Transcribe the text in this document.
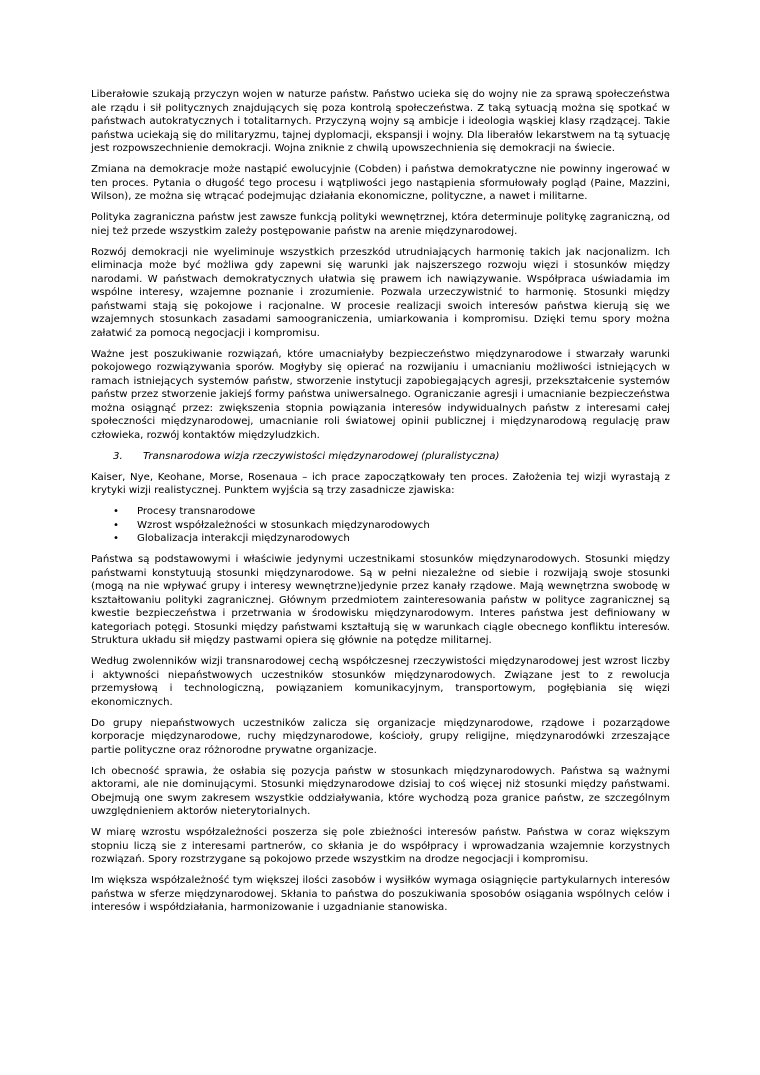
Liberałowie szukają przyczyn wojen w naturze państw. Państwo ucieka się do wojny nie za sprawą społeczeństwa ale rządu i sił politycznych znajdujących się poza kontrolą społeczeństwa. Z taką sytuacją można się spotkać w państwach autokratycznych i totalitarnych. Przyczyną wojny są ambicje i ideologia wąskiej klasy rządzącej. Takie państwa uciekają się do militaryzmu, tajnej dyplomacji, ekspansji i wojny. Dla liberałów lekarstwem na tą sytuację jest rozpowszechnienie demokracji. Wojna zniknie z chwilą upowszechnienia się demokracji na świecie.

Zmiana na demokracje może nastąpić ewolucyjnie (Cobden) i państwa demokratyczne nie powinny ingerować w ten proces. Pytania o długość tego procesu i wątpliwości jego nastąpienia sformułowały pogląd (Paine, Mazzini, Wilson), ze można się wtrącać podejmując działania ekonomiczne, polityczne, a nawet i militarne.

Polityka zagraniczna państw jest zawsze funkcją polityki wewnętrznej, która determinuje politykę zagraniczną, od niej też przede wszystkim zależy postępowanie państw na arenie międzynarodowej.

Rozwój demokracji nie wyeliminuje wszystkich przeszkód utrudniających harmonię takich jak nacjonalizm. Ich eliminacja może być możliwa gdy zapewni się warunki jak najszerszego rozwoju więzi i stosunków między narodami. W państwach demokratycznych ułatwia się prawem ich nawiązywanie. Współpraca uświadamia im wspólne interesy, wzajemne poznanie i zrozumienie. Pozwala urzeczywistnić to harmonię. Stosunki między państwami stają się pokojowe i racjonalne. W procesie realizacji swoich interesów państwa kierują się we wzajemnych stosunkach zasadami samoograniczenia, umiarkowania i kompromisu. Dzięki temu spory można załatwić za pomocą negocjacji i kompromisu.

Ważne jest poszukiwanie rozwiązań, które umacniałyby bezpieczeństwo międzynarodowe i stwarzały warunki pokojowego rozwiązywania sporów. Mogłyby się opierać na rozwijaniu i umacnianiu możliwości istniejących w ramach istniejących systemów państw, stworzenie instytucji zapobiegających agresji, przekształcenie systemów państw przez stworzenie jakiejś formy państwa uniwersalnego. Ograniczanie agresji i umacnianie bezpieczeństwa można osiągnąć przez: zwiększenia stopnia powiązania interesów indywidualnych państw z interesami całej społeczności międzynarodowej, umacnianie roli światowej opinii publicznej i międzynarodową regulację praw człowieka, rozwój kontaktów międzyludzkich.

3.	Transnarodowa wizja rzeczywistości międzynarodowej (pluralistyczna)

Kaiser, Nye, Keohane, Morse, Rosenaua – ich prace zapoczątkowały ten proces. Założenia tej wizji wyrastają z krytyki wizji realistycznej. Punktem wyjścia są trzy zasadnicze zjawiska:

•	Procesy transnarodowe
•	Wzrost współzależności w stosunkach międzynarodowych
•	Globalizacja interakcji międzynarodowych

Państwa są podstawowymi i właściwie jedynymi uczestnikami stosunków międzynarodowych. Stosunki między państwami konstytuują stosunki międzynarodowe. Są w pełni niezależne od siebie i rozwijają swoje stosunki (mogą na nie wpływać grupy i interesy wewnętrzne)jedynie przez kanały rządowe. Mają wewnętrzna swobodę w kształtowaniu polityki zagranicznej. Głównym przedmiotem zainteresowania państw w polityce zagranicznej są kwestie bezpieczeństwa i przetrwania w środowisku międzynarodowym. Interes państwa jest definiowany w kategoriach potęgi. Stosunki między państwami kształtują się w warunkach ciągle obecnego konfliktu interesów. Struktura układu sił między pastwami opiera się głównie na potędze militarnej.

Według zwolenników wizji transnarodowej cechą współczesnej rzeczywistości międzynarodowej jest wzrost liczby i aktywności niepaństwowych uczestników stosunków międzynarodowych. Związane jest to z rewolucja przemysłową i technologiczną, powiązaniem komunikacyjnym, transportowym, pogłębiania się więzi ekonomicznych.

Do grupy niepaństwowych uczestników zalicza się organizacje międzynarodowe, rządowe i pozarządowe korporacje międzynarodowe, ruchy międzynarodowe, kościoły, grupy religijne, międzynarodówki zrzeszające partie polityczne oraz różnorodne prywatne organizacje.

Ich obecność sprawia, że osłabia się pozycja państw w stosunkach międzynarodowych. Państwa są ważnymi aktorami, ale nie dominującymi. Stosunki międzynarodowe dzisiaj to coś więcej niż stosunki między państwami. Obejmują one swym zakresem wszystkie oddziaływania, które wychodzą poza granice państw, ze szczególnym uwzględnieniem aktorów nieterytorialnych.

W miarę wzrostu współzależności poszerza się pole zbieżności interesów państw. Państwa w coraz większym stopniu liczą sie z interesami partnerów, co skłania je do współpracy i wprowadzania wzajemnie korzystnych rozwiązań. Spory rozstrzygane są pokojowo przede wszystkim na drodze negocjacji i kompromisu.

Im większa współzależność tym większej ilości zasobów i wysiłków wymaga osiągnięcie partykularnych interesów państwa w sferze międzynarodowej. Skłania to państwa do poszukiwania sposobów osiągania wspólnych celów i interesów i współdziałania, harmonizowanie i uzgadnianie stanowiska.
